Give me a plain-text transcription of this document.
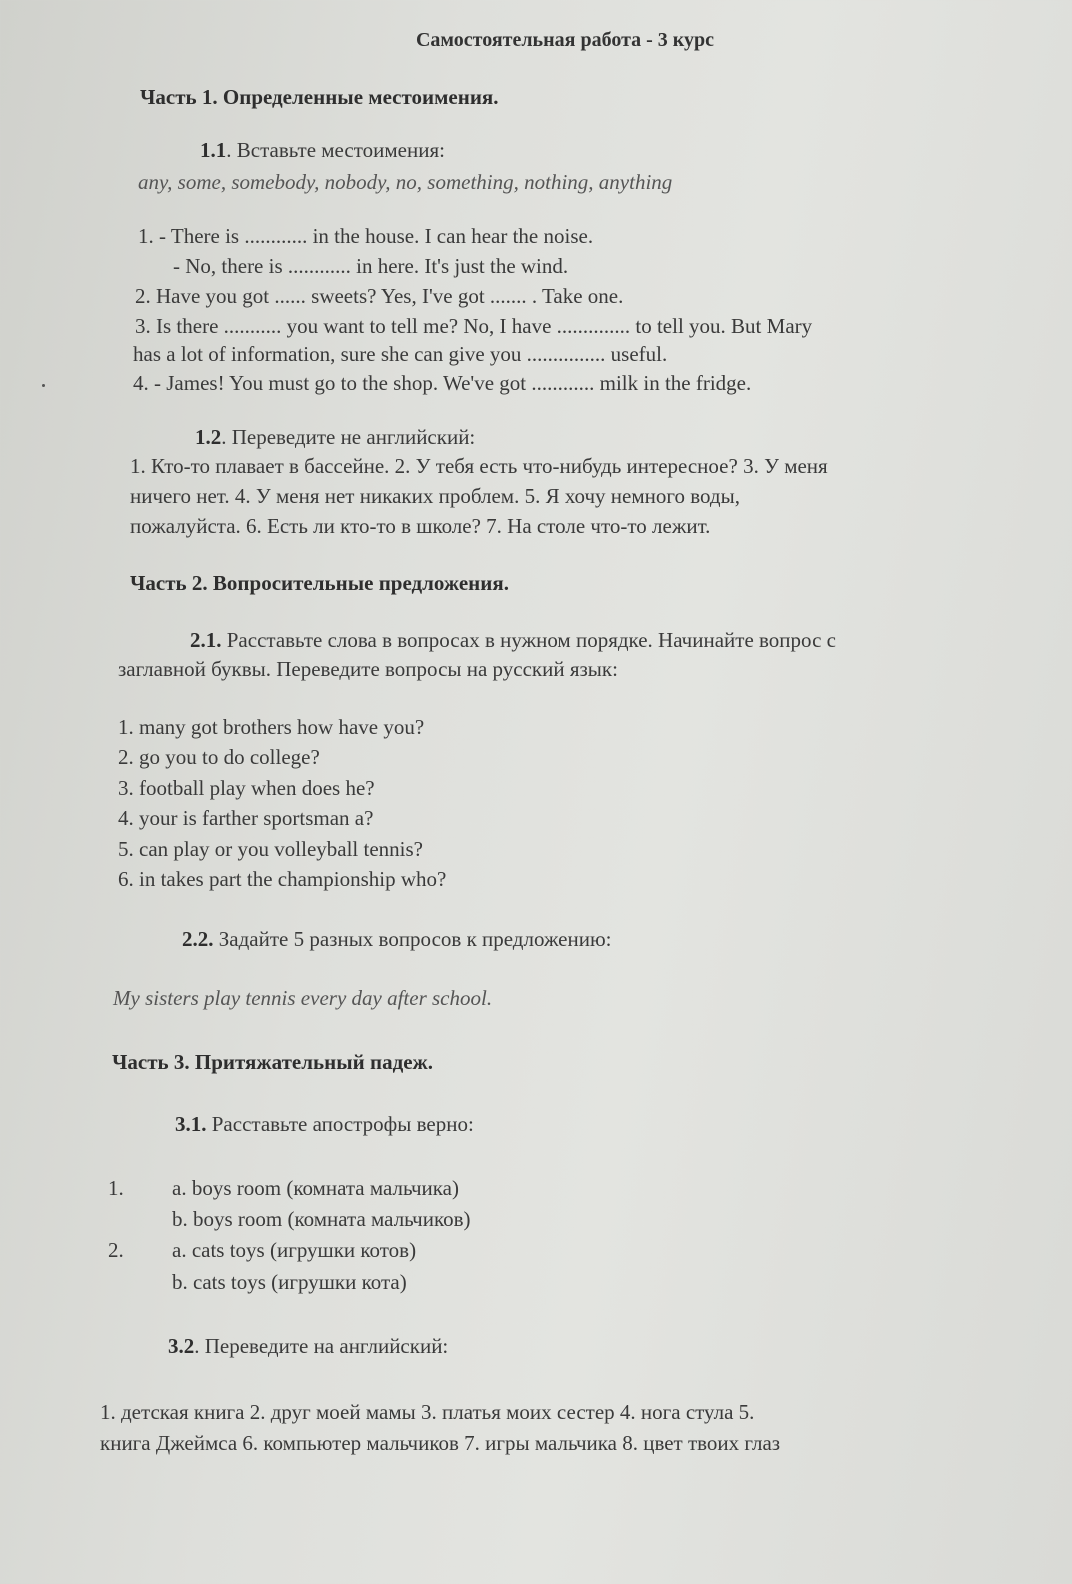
Самостоятельная работа - 3 курс
Часть 1. Определенные местоимения.
1.1. Вставьте местоимения:
any, some, somebody, nobody, no, something, nothing, anything
1. - There is ............ in the house. I can hear the noise.
- No, there is ............ in here. It's just the wind.
2. Have you got ...... sweets? Yes, I've got ....... . Take one.
3. Is there ........... you want to tell me? No, I have .............. to tell you. But Mary
has a lot of information, sure she can give you ............... useful.
4. - James! You must go to the shop. We've got ............ milk in the fridge.
1.2. Переведите не английский:
1. Кто-то плавает в бассейне. 2. У тебя есть что-нибудь интересное? 3. У меня
ничего нет. 4. У меня нет никаких проблем. 5. Я хочу немного воды,
пожалуйста. 6. Есть ли кто-то в школе? 7. На столе что-то лежит.
Часть 2. Вопросительные предложения.
2.1. Расставьте слова в вопросах в нужном порядке. Начинайте вопрос с
заглавной буквы. Переведите вопросы на русский язык:
1. many got brothers how have you?
2. go you to do college?
3. football play when does he?
4. your is farther sportsman a?
5. can play or you volleyball tennis?
6. in takes part the championship who?
2.2. Задайте 5 разных вопросов к предложению:
My sisters play tennis every day after school.
Часть 3. Притяжательный падеж.
3.1. Расставьте апострофы верно:
1. a. boys room (комната мальчика)
b. boys room (комната мальчиков)
2. a. cats toys (игрушки котов)
b. cats toys (игрушки кота)
3.2. Переведите на английский:
1. детская книга 2. друг моей мамы 3. платья моих сестер 4. нога стула 5.
книга Джеймса 6. компьютер мальчиков 7. игры мальчика 8. цвет твоих глаз
